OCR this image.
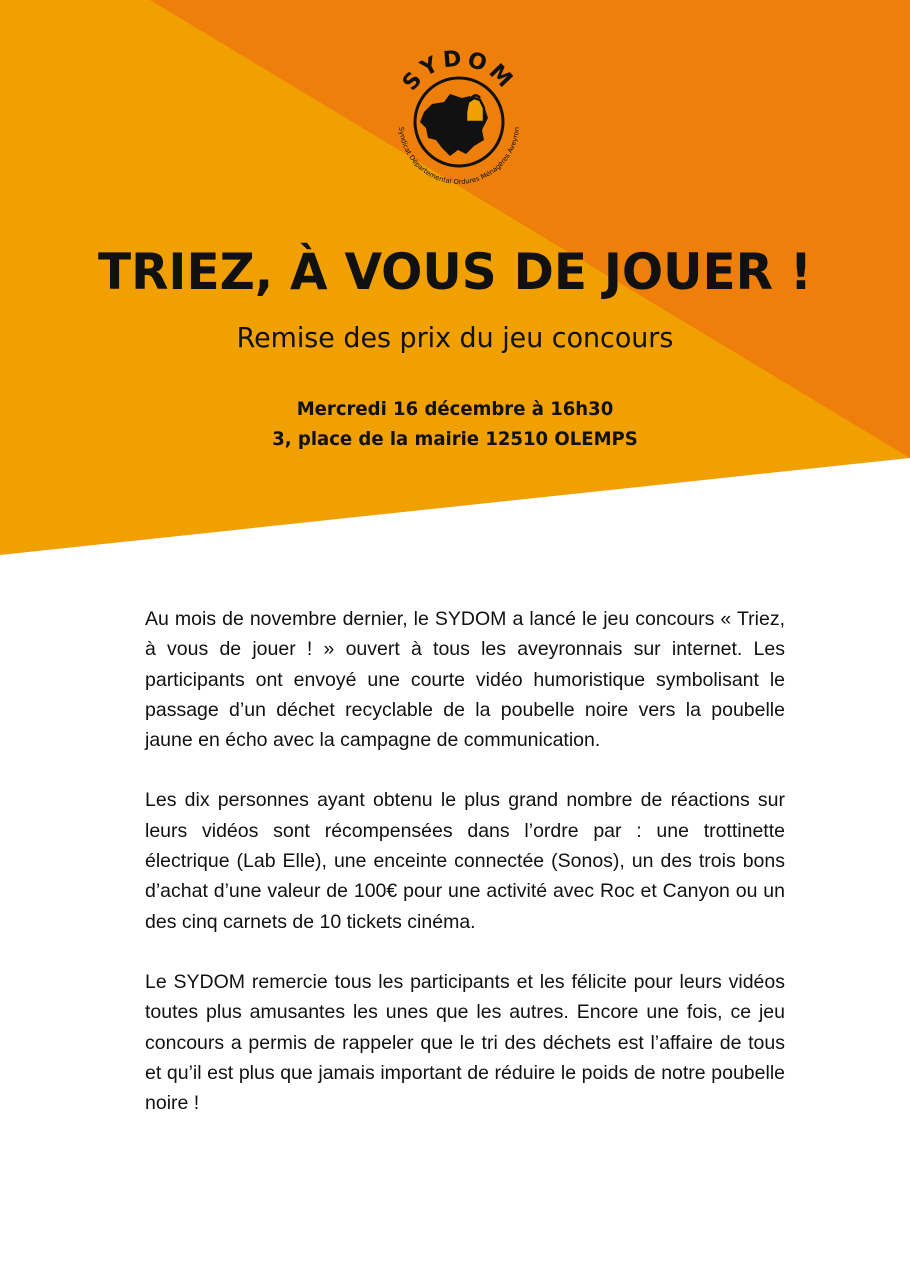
SYDOM
Syndicat Départemental Ordures Ménagères Aveyron
TRIEZ, À VOUS DE JOUER !
Remise des prix du jeu concours
Mercredi 16 décembre à 16h30
3, place de la mairie 12510 OLEMPS

Au mois de novembre dernier, le SYDOM a lancé le jeu concours « Triez, à vous de jouer ! » ouvert à tous les aveyronnais sur internet. Les participants ont envoyé une courte vidéo humoristique symbolisant le passage d’un déchet recyclable de la poubelle noire vers la poubelle jaune en écho avec la campagne de communication.

Les dix personnes ayant obtenu le plus grand nombre de réactions sur leurs vidéos sont récompensées dans l’ordre par : une trottinette électrique (Lab Elle), une enceinte connectée (Sonos), un des trois bons d’achat d’une valeur de 100€ pour une activité avec Roc et Canyon ou un des cinq carnets de 10 tickets cinéma.

Le SYDOM remercie tous les participants et les félicite pour leurs vidéos toutes plus amusantes les unes que les autres. Encore une fois, ce jeu concours a permis de rappeler que le tri des déchets est l’affaire de tous et qu’il est plus que jamais important de réduire le poids de notre poubelle noire !
